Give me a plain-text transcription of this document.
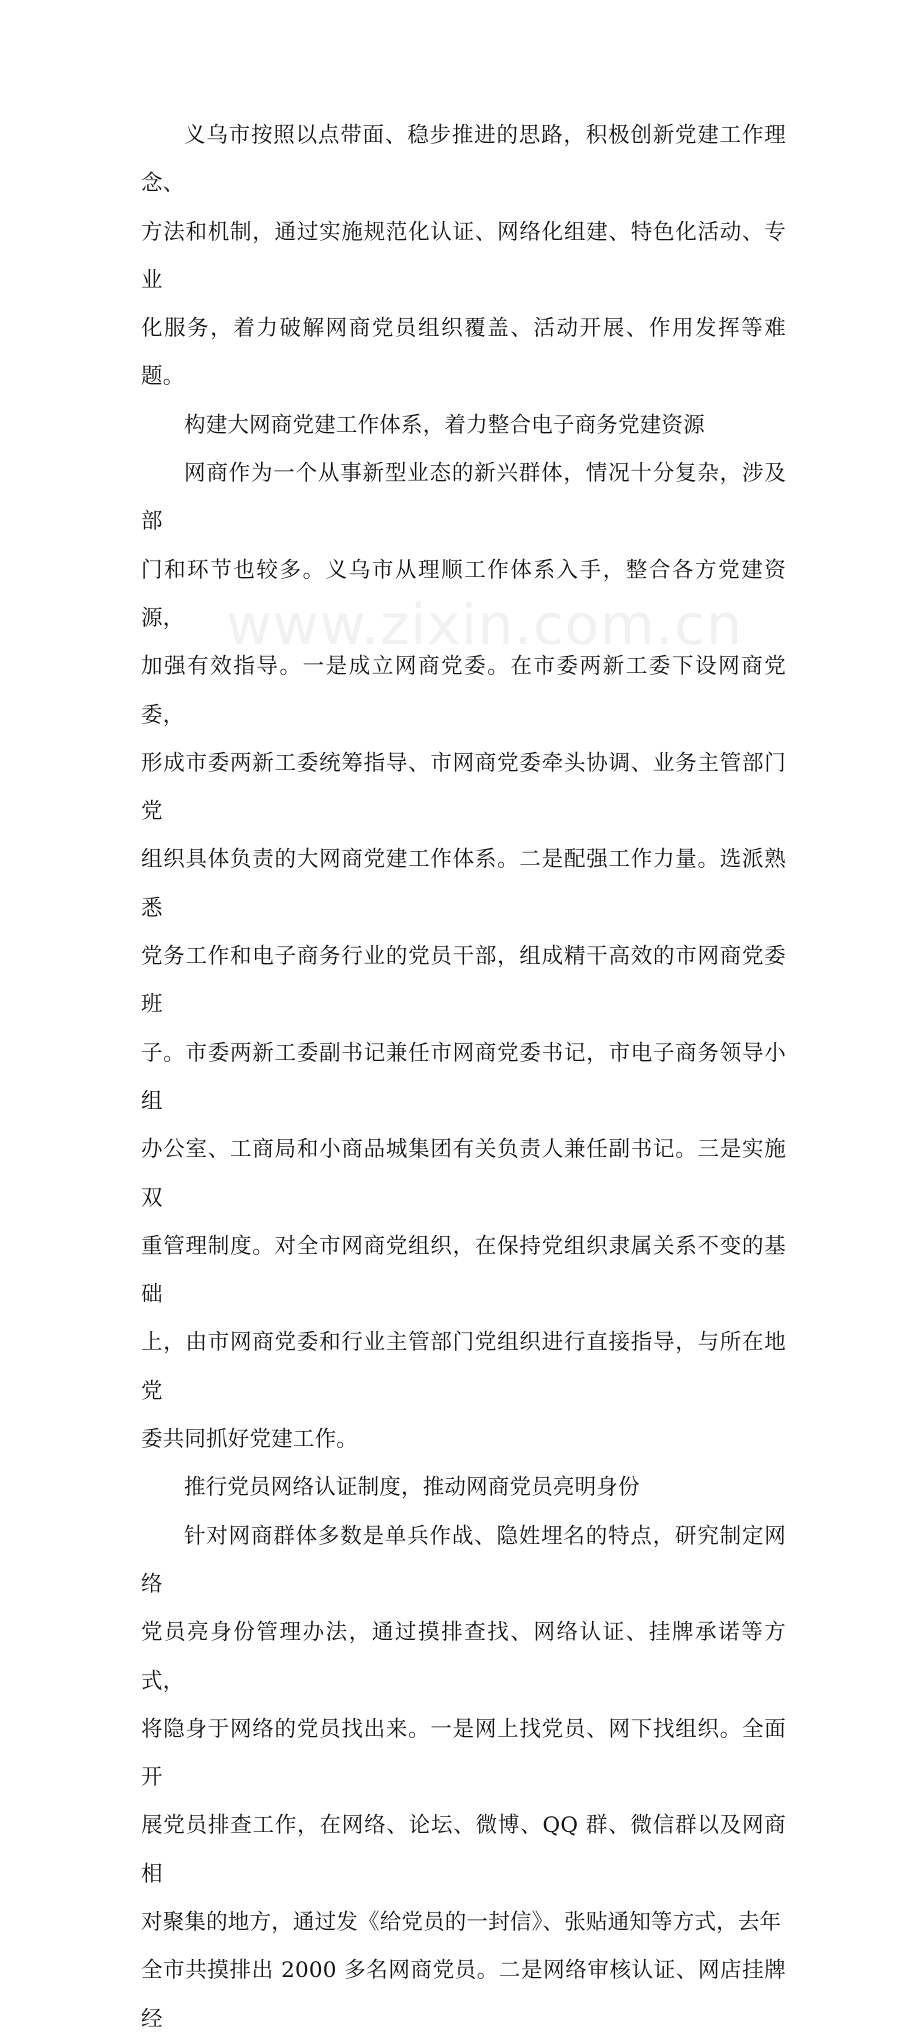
义乌市按照以点带面、稳步推进的思路，积极创新党建工作理念、
方法和机制，通过实施规范化认证、网络化组建、特色化活动、专业
化服务，着力破解网商党员组织覆盖、活动开展、作用发挥等难题。

构建大网商党建工作体系，着力整合电子商务党建资源

网商作为一个从事新型业态的新兴群体，情况十分复杂，涉及部
门和环节也较多。义乌市从理顺工作体系入手，整合各方党建资源，
加强有效指导。一是成立网商党委。在市委两新工委下设网商党委，
形成市委两新工委统筹指导、市网商党委牵头协调、业务主管部门党
组织具体负责的大网商党建工作体系。二是配强工作力量。选派熟悉
党务工作和电子商务行业的党员干部，组成精干高效的市网商党委班
子。市委两新工委副书记兼任市网商党委书记，市电子商务领导小组
办公室、工商局和小商品城集团有关负责人兼任副书记。三是实施双
重管理制度。对全市网商党组织，在保持党组织隶属关系不变的基础
上，由市网商党委和行业主管部门党组织进行直接指导，与所在地党
委共同抓好党建工作。

推行党员网络认证制度，推动网商党员亮明身份

针对网商群体多数是单兵作战、隐姓埋名的特点，研究制定网络
党员亮身份管理办法，通过摸排查找、网络认证、挂牌承诺等方式，
将隐身于网络的党员找出来。一是网上找党员、网下找组织。全面开
展党员排查工作，在网络、论坛、微博、QQ 群、微信群以及网商相
对聚集的地方，通过发《给党员的一封信》、张贴通知等方式，去年
全市共摸排出 2000 多名网商党员。二是网络审核认证、网店挂牌经

www.zixin.com.cn
